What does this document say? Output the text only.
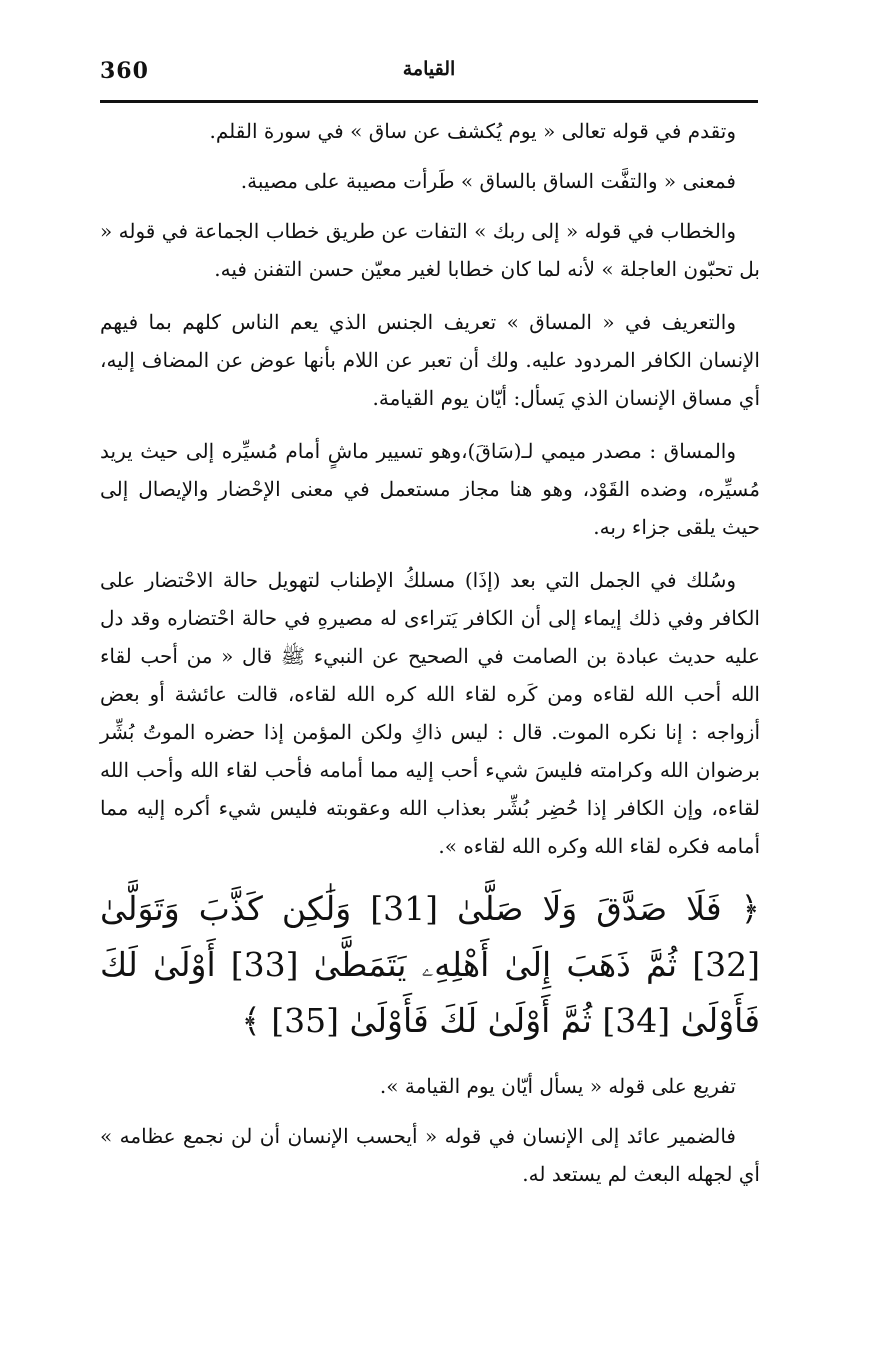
360	القيامة

وتقدم في قوله تعالى « يوم يُكشف عن ساق » في سورة القلم.

فمعنى « والتفَّت الساق بالساق » طَرأت مصيبة على مصيبة.

والخطاب في قوله « إلى ربك » التفات عن طريق خطاب الجماعة في قوله « بل تحبّون العاجلة » لأنه لما كان خطابا لغير معيّن حسن التفنن فيه.

والتعريف في « المساق » تعريف الجنس الذي يعم الناس كلهم بما فيهم الإنسان الكافر المردود عليه. ولك أن تعبر عن اللام بأنها عوض عن المضاف إليه، أي مساق الإنسان الذي يَسأل: أيّان يوم القيامة.

والمساق : مصدر ميمي لـ(سَاقَ)،وهو تسيير ماشٍ أمام مُسيِّره إلى حيث يريد مُسيِّره، وضده القَوْد، وهو هنا مجاز مستعمل في معنى الإحْضار والإيصال إلى حيث يلقى جزاء ربه.

وسُلك في الجمل التي بعد (إذَا) مسلكُ الإطناب لتهويل حالة الاحْتضار على الكافر وفي ذلك إيماء إلى أن الكافر يَتراءى له مصيرهِ في حالة احْتضاره وقد دل عليه حديث عبادة بن الصامت في الصحيح عن النبيء ﷺ قال « من أحب لقاء الله أحب الله لقاءه ومن كَره لقاء الله كره الله لقاءه، قالت عائشة أو بعض أزواجه : إنا نكره الموت. قال : ليس ذاكِ ولكن المؤمن إذا حضره الموتُ بُشِّر برضوان الله وكرامته فليسَ شيء أحب إليه مما أمامه فأحب لقاء الله وأحب الله لقاءه، وإن الكافر إذا حُضِر بُشِّر بعذاب الله وعقوبته فليس شيء أكره إليه مما أمامه فكره لقاء الله وكره الله لقاءه ».

﴿ فَلَا صَدَّقَ وَلَا صَلَّىٰ [31] وَلَٰكِن كَذَّبَ وَتَوَلَّىٰ [32] ثُمَّ ذَهَبَ إِلَىٰ أَهْلِهِۦ يَتَمَطَّىٰ [33] أَوْلَىٰ لَكَ فَأَوْلَىٰ [34] ثُمَّ أَوْلَىٰ لَكَ فَأَوْلَىٰ [35] ﴾

تفريع على قوله « يسأل أيّان يوم القيامة ».

فالضمير عائد إلى الإنسان في قوله « أيحسب الإنسان أن لن نجمع عظامه » أي لجهله البعث لم يستعد له.
